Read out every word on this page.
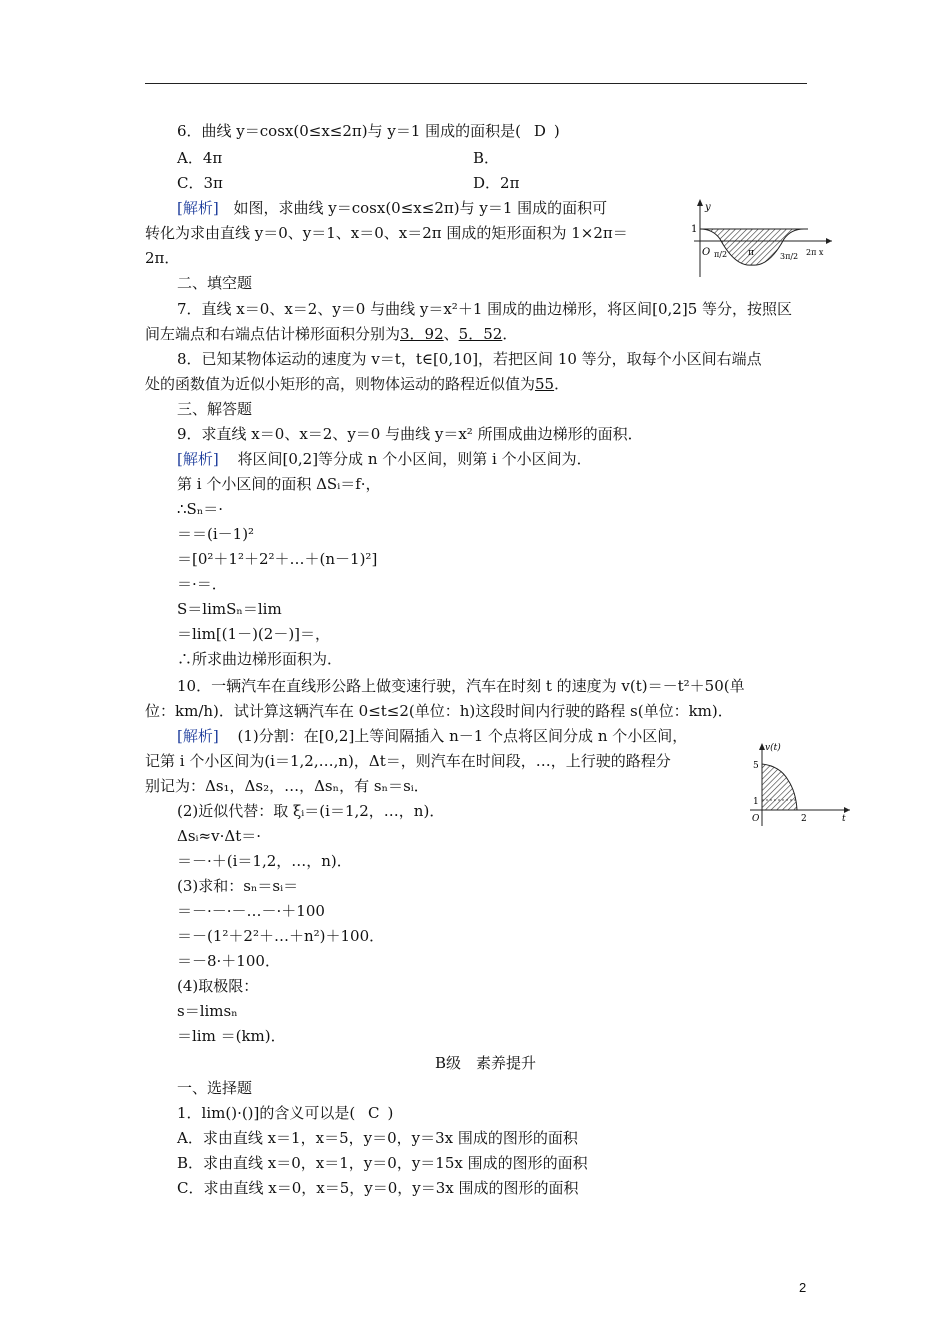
6．曲线 y＝cosx(0≤x≤2π)与 y＝1 围成的面积是( D )
A．4π	B．
C．3π	D．2π
[解析] 如图，求曲线 y＝cosx(0≤x≤2π)与 y＝1 围成的面积可
转化为求由直线 y＝0、y＝1、x＝0、x＝2π 围成的矩形面积为 1×2π＝
2π．
y
1
O π/2 π	3π/2 2π x
二、填空题
7．直线 x＝0、x＝2、y＝0 与曲线 y＝x²＋1 围成的曲边梯形，将区间[0,2]5 等分，按照区
间左端点和右端点估计梯形面积分别为3．92、5．52．
8．已知某物体运动的速度为 v＝t，t∈[0,10]，若把区间 10 等分，取每个小区间右端点
处的函数值为近似小矩形的高，则物体运动的路程近似值为55．
三、解答题
9．求直线 x＝0、x＝2、y＝0 与曲线 y＝x² 所围成曲边梯形的面积．
[解析] 将区间[0,2]等分成 n 个小区间，则第 i 个小区间为．
第 i 个小区间的面积 ΔSᵢ＝f·，
∴Sₙ＝·
＝＝(i－1)²
＝[0²＋1²＋2²＋…＋(n－1)²]
＝·＝．
S＝limSₙ＝lim
＝lim[(1－)(2－)]＝，
∴所求曲边梯形面积为．
10．一辆汽车在直线形公路上做变速行驶，汽车在时刻 t 的速度为 v(t)＝－t²＋50(单
位：km/h)．试计算这辆汽车在 0≤t≤2(单位：h)这段时间内行驶的路程 s(单位：km)．
[解析] (1)分割：在[0,2]上等间隔插入 n－1 个点将区间分成 n 个小区间，
记第 i 个小区间为(i＝1,2,…,n)，Δt＝，则汽车在时间段，…，上行驶的路程分
别记为：Δs₁，Δs₂，…，Δsₙ，有 sₙ＝sᵢ．
(2)近似代替：取 ξᵢ＝(i＝1,2，…，n)．
Δsᵢ≈v·Δt＝·
＝－·＋(i＝1,2，…，n)．
(3)求和：sₙ＝sᵢ＝
＝－·－·－…－·＋100
＝－(1²＋2²＋…＋n²)＋100．
＝－8·＋100．
(4)取极限：
s＝limsₙ
＝lim ＝(km)．
v(t)
5
1
O	2	t
B级　素养提升
一、选择题
1．lim()·()]的含义可以是( C )
A．求由直线 x＝1，x＝5，y＝0，y＝3x 围成的图形的面积
B．求由直线 x＝0，x＝1，y＝0，y＝15x 围成的图形的面积
C．求由直线 x＝0，x＝5，y＝0，y＝3x 围成的图形的面积
2
